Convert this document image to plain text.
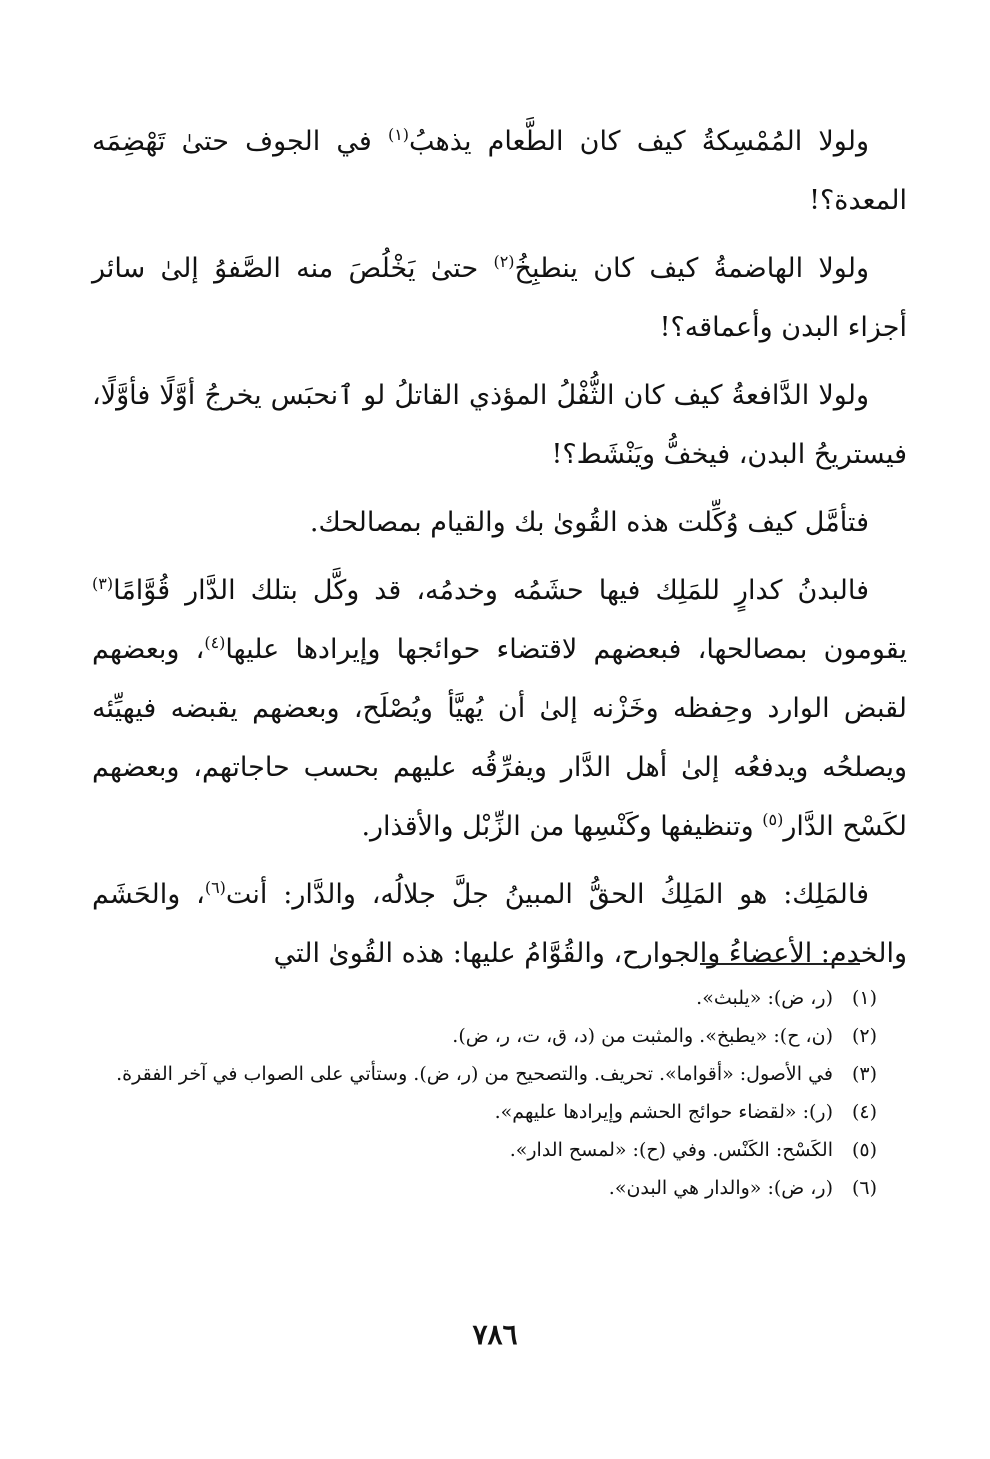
ولولا المُمْسِكةُ كيف كان الطَّعام يذهبُ$^{(١)}$ في الجوف حتىٰ تَهْضِمَه المعدة؟!

ولولا الهاضمةُ كيف كان ينطبِخُ$^{(٢)}$ حتىٰ يَخْلُصَ منه الصَّفوُ إلىٰ سائر أجزاء البدن وأعماقه؟!

ولولا الدَّافعةُ كيف كان الثُّفْلُ المؤذي القاتلُ لو ٱنحبَس يخرجُ أوَّلًا فأوَّلًا، فيستريحُ البدن، فيخفُّ ويَنْشَط؟!

فتأمَّل كيف وُكِّلت هذه القُوىٰ بك والقيام بمصالحك.

فالبدنُ كدارٍ للمَلِك فيها حشَمُه وخدمُه، قد وكَّل بتلك الدَّار قُوَّامًا$^{(٣)}$ يقومون بمصالحها، فبعضهم لاقتضاء حوائجها وإيرادها عليها$^{(٤)}$، وبعضهم لقبض الوارد وحِفظه وخَزْنه إلىٰ أن يُهيَّأ ويُصْلَح، وبعضهم يقبضه فيهيِّئه ويصلحُه ويدفعُه إلىٰ أهل الدَّار ويفرِّقُه عليهم بحسب حاجاتهم، وبعضهم لكَسْح الدَّار$^{(٥)}$ وتنظيفها وكَنْسِها من الزِّبْل والأقذار.

فالمَلِك: هو المَلِكُ الحقُّ المبينُ جلَّ جلالُه، والدَّار: أنت$^{(٦)}$، والحَشَم والخدم: الأعضاءُ والجوارح، والقُوَّامُ عليها: هذه القُوىٰ التي

(١)
(ر، ض): «يلبث».
(٢)
(ن، ح): «يطبخ». والمثبت من (د، ق، ت، ر، ض).
(٣)
في الأصول: «أقواما». تحريف. والتصحيح من (ر، ض). وستأتي على الصواب في آخر الفقرة.
(٤)
(ر): «لقضاء حوائج الحشم وإيرادها عليهم».
(٥)
الكَسْح: الكَنْس. وفي (ح): «لمسح الدار».
(٦)
(ر، ض): «والدار هي البدن».
٧٨٦
